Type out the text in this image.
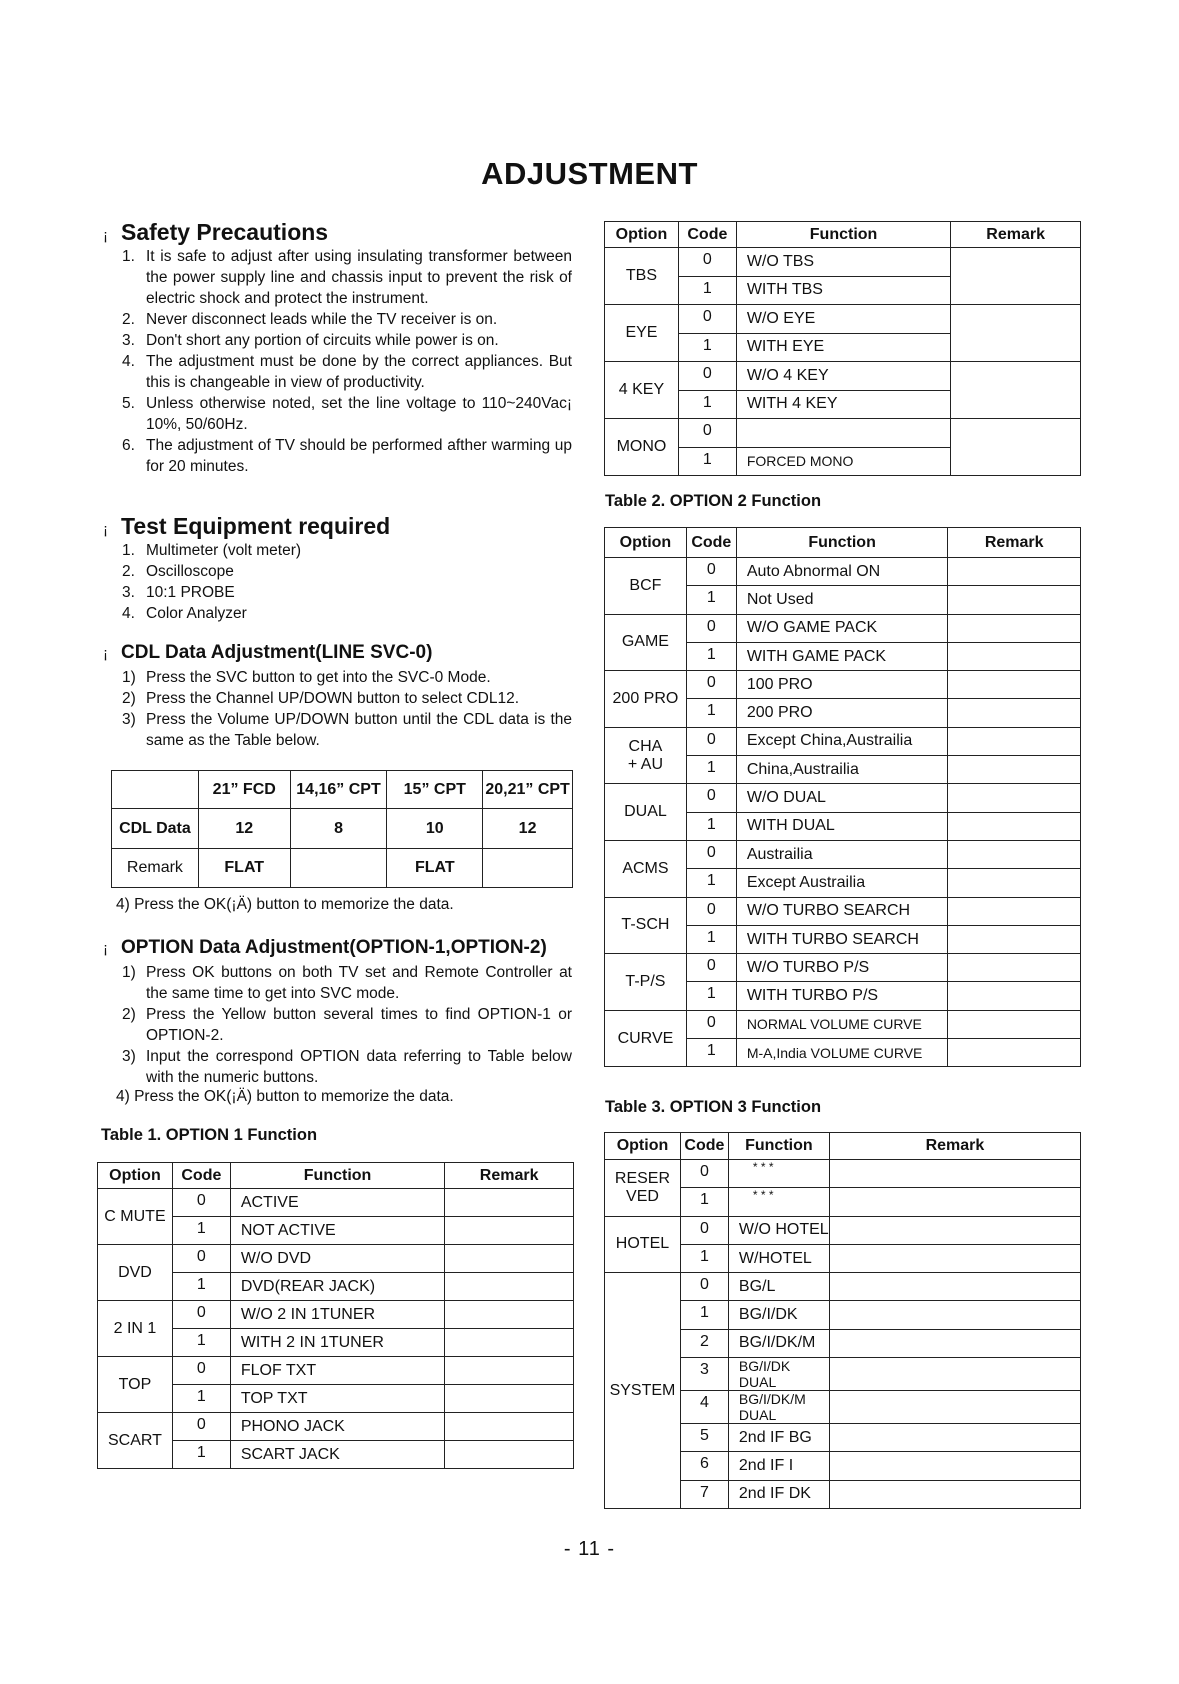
ADJUSTMENT
¡ Safety Precautions
1. It is safe to adjust after using insulating transformer between the power supply line and chassis input to prevent the risk of electric shock and protect the instrument.
2. Never disconnect leads while the TV receiver is on.
3. Don't short any portion of circuits while power is on.
4. The adjustment must be done by the correct appliances. But this is changeable in view of productivity.
5. Unless otherwise noted, set the line voltage to 110~240Vac¡ 10%, 50/60Hz.
6. The adjustment of TV should be performed afther warming up for 20 minutes.
¡ Test Equipment required
1. Multimeter (volt meter)
2. Oscilloscope
3. 10:1 PROBE
4. Color Analyzer
¡ CDL Data Adjustment(LINE SVC-0)
1) Press the SVC button to get into the SVC-0 Mode.
2) Press the Channel UP/DOWN button to select CDL12.
3) Press the Volume UP/DOWN button until the CDL data is the same as the Table below.
	21” FCD	14,16” CPT	15” CPT	20,21” CPT
CDL Data	12	8	10	12
Remark	FLAT		FLAT	
4) Press the OK(¡Ä) button to memorize the data.
¡ OPTION Data Adjustment(OPTION-1,OPTION-2)
1) Press OK buttons on both TV set and Remote Controller at the same time to get into SVC mode.
2) Press the Yellow button several times to find OPTION-1 or OPTION-2.
3) Input the correspond OPTION data referring to Table below with the numeric buttons.
4) Press the OK(¡Ä) button to memorize the data.
Table 1. OPTION 1 Function
Option	Code	Function	Remark

C MUTE	0	ACTIVE	
	1	NOT ACTIVE	

DVD	0	W/O DVD	
	1	DVD(REAR JACK)	

2 IN 1	0	W/O 2 IN 1TUNER	
	1	WITH 2 IN 1TUNER	

TOP	0	FLOF TXT	
	1	TOP TXT	

SCART	0	PHONO JACK	
	1	SCART JACK	
Option	Code	Function	Remark

TBS	0	W/O TBS	
	1	WITH TBS	

EYE	0	W/O EYE	
	1	WITH EYE	

4 KEY	0	W/O 4 KEY	
	1	WITH 4 KEY	

MONO	0		
	1	FORCED MONO	
Table 2. OPTION 2 Function
Option	Code	Function	Remark

BCF	0	Auto Abnormal ON	
	1	Not Used	

GAME	0	W/O GAME PACK	
	1	WITH GAME PACK	

200 PRO	0	100 PRO	
	1	200 PRO	

CHA
+ AU	0	Except China,Austrailia	
	1	China,Austrailia	

DUAL	0	W/O DUAL	
	1	WITH DUAL	

ACMS	0	Austrailia	
	1	Except Austrailia	

T-SCH	0	W/O TURBO SEARCH	
	1	WITH TURBO SEARCH	

T-P/S	0	W/O TURBO P/S	
	1	WITH TURBO P/S	

CURVE	0	NORMAL VOLUME CURVE	
	1	M-A,India VOLUME CURVE	
Table 3. OPTION 3 Function
Option	Code	Function	Remark

RESER
VED	0	* * *	
	1	* * *	

HOTEL	0	W/O HOTEL	
	1	W/HOTEL	

SYSTEM	0	BG/L	
	1	BG/I/DK	
	2	BG/I/DK/M	
	3	BG/I/DK DUAL	
	4	BG/I/DK/M DUAL	
	5	2nd IF BG	
	6	2nd IF I	
	7	2nd IF DK	
- 11 -
